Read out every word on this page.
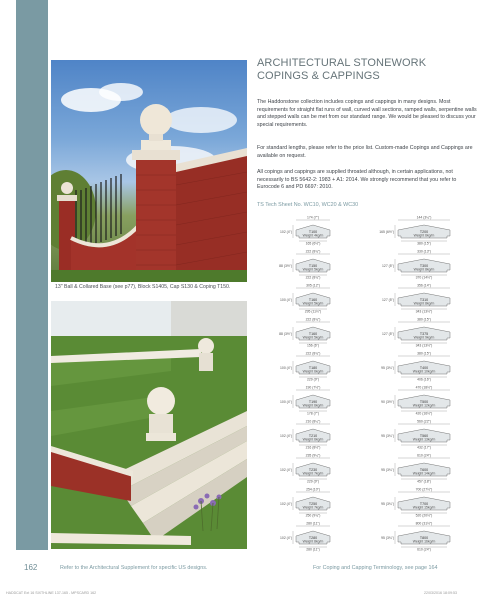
13" Ball & Collared Base (see p77), Block S1405, Cap S130 & Coping T150.
ARCHITECTURAL STONEWORK
COPINGS & CAPPINGS
The Haddonstone collection includes copings and cappings in many designs. Most requirements for straight flat runs of wall, curved wall sections, ramped walls, serpentine walls and stepped walls can be met from our standard range. We would be pleased to discuss your special requirements.
For standard lengths, please refer to the price list. Custom-made Copings and Cappings are available on request.
All copings and cappings are supplied throated although, in certain applications, not necessarily to BS 5642-2: 1983 + A1: 2014. We strongly recommend that you refer to Eurocode 6 and PD 6697: 2010.
TS Tech Sheet No. WC10, WC20 & WC30
174 (7")
T100
Weight 4kg/m
102 (4")
165 (6½")
144 (3¼")
T200
Weight 6kg/m
165 (6½")
380 (15")
222 (8¾")
T150
Weight 5kg/m
88 (3½")
222 (8¾")
330 (13")
T300
Weight 8kg/m
127 (5")
370 (14½")
305 (12")
T160
Weight 5kg/m
100 (4")
295 (11½")
356 (14")
T310
Weight 8kg/m
127 (5")
343 (13½")
222 (8¾")
T160
Weight 5kg/m
88 (3½")
156 (6")
380 (15")
T375
Weight 9kg/m
127 (5")
343 (13½")
222 (8¾")
T180
Weight 6kg/m
100 (4")
229 (9")
380 (15")
T400
Weight 10kg/m
95 (3¾")
406 (16")
190 (7½")
T190
Weight 6kg/m
100 (4")
178 (7")
470 (18½")
T500
Weight 12kg/m
90 (3½")
420 (16½")
210 (8¼")
T210
Weight 6kg/m
102 (4")
216 (8½")
560 (22")
T560
Weight 13kg/m
95 (3¾")
432 (17")
235 (9¼")
T230
Weight 7kg/m
102 (4")
229 (9")
610 (24")
T600
Weight 14kg/m
95 (3¾")
457 (18")
254 (10")
T250
Weight 7kg/m
102 (4")
250 (9¾")
700 (27½")
T700
Weight 15kg/m
95 (3¾")
520 (20½")
280 (11")
T280
Weight 8kg/m
102 (4")
280 (11")
800 (31½")
T800
Weight 16kg/m
95 (3¾")
610 (24")
162	Refer to the Architectural Supplement for specific US designs.	For Coping and Capping Terminology, see page 164
HADDCAT Ext 16 SIXTHLINE 137-165 - MPSCARD 162	22/03/2016 18:09:53
